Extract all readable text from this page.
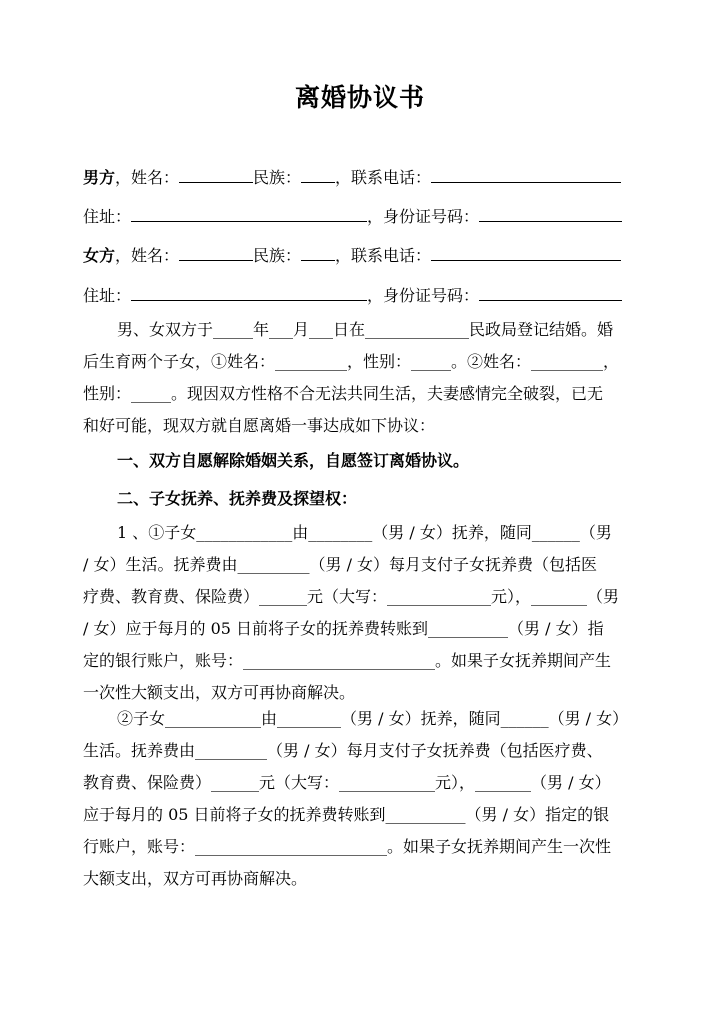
离婚协议书
男方，姓名：	民族： ，联系电话：
住址：	，身份证号码：
女方，姓名：	民族： ，联系电话：
住址：	，身份证号码：
男、女双方于_____年___月___日在_____________民政局登记结婚。婚
后生育两个子女，①姓名：_________，性别：_____。②姓名：_________，
性别：_____。现因双方性格不合无法共同生活，夫妻感情完全破裂，已无
和好可能，现双方就自愿离婚一事达成如下协议：
一、双方自愿解除婚姻关系，自愿签订离婚协议。
二、子女抚养、抚养费及探望权：
1 、①子女____________由________（男 / 女）抚养，随同______（男
/ 女）生活。抚养费由_________（男 / 女）每月支付子女抚养费（包括医
疗费、教育费、保险费）______元（大写：_____________元），_______（男
/ 女）应于每月的 05 日前将子女的抚养费转账到__________（男 / 女）指
定的银行账户，账号：________________________。如果子女抚养期间产生
一次性大额支出，双方可再协商解决。
②子女____________由________（男 / 女）抚养，随同______（男 / 女）
生活。抚养费由_________（男 / 女）每月支付子女抚养费（包括医疗费、
教育费、保险费）______元（大写：____________元），_______（男 / 女）
应于每月的 05 日前将子女的抚养费转账到__________（男 / 女）指定的银
行账户，账号：________________________。如果子女抚养期间产生一次性
大额支出，双方可再协商解决。
